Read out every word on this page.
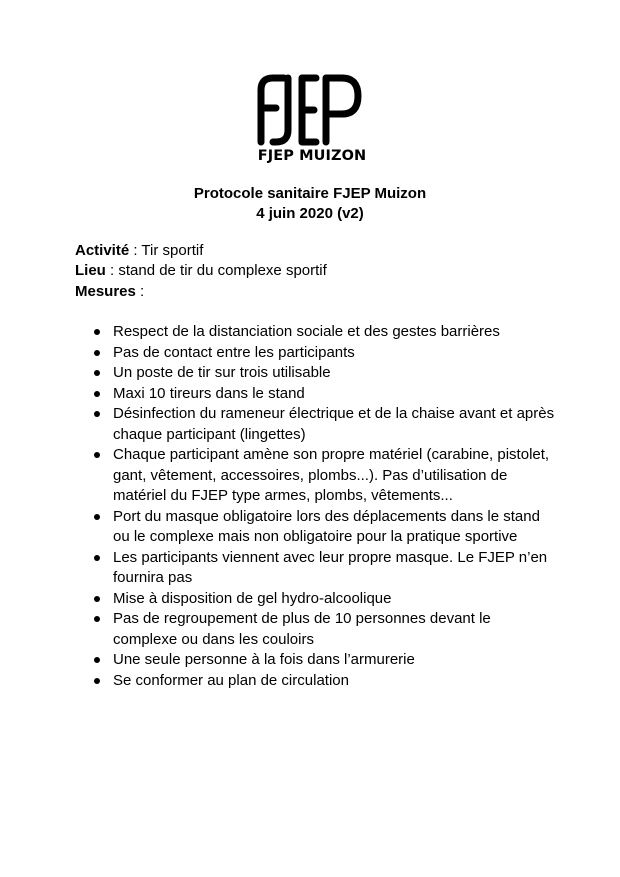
FJEP MUIZON
Protocole sanitaire FJEP Muizon
4 juin 2020 (v2)
Activité : Tir sportif
Lieu : stand de tir du complexe sportif
Mesures :
Respect de la distanciation sociale et des gestes barrières
Pas de contact entre les participants
Un poste de tir sur trois utilisable
Maxi 10 tireurs dans le stand
Désinfection du rameneur électrique et de la chaise avant et après chaque participant (lingettes)
Chaque participant amène son propre matériel (carabine, pistolet, gant, vêtement, accessoires, plombs...). Pas d’utilisation de matériel du FJEP type armes, plombs, vêtements...
Port du masque obligatoire lors des déplacements dans le stand ou le complexe mais non obligatoire pour la pratique sportive
Les participants viennent avec leur propre masque. Le FJEP n’en fournira pas
Mise à disposition de gel hydro-alcoolique
Pas de regroupement de plus de 10 personnes devant le complexe ou dans les couloirs
Une seule personne à la fois dans l’armurerie
Se conformer au plan de circulation
